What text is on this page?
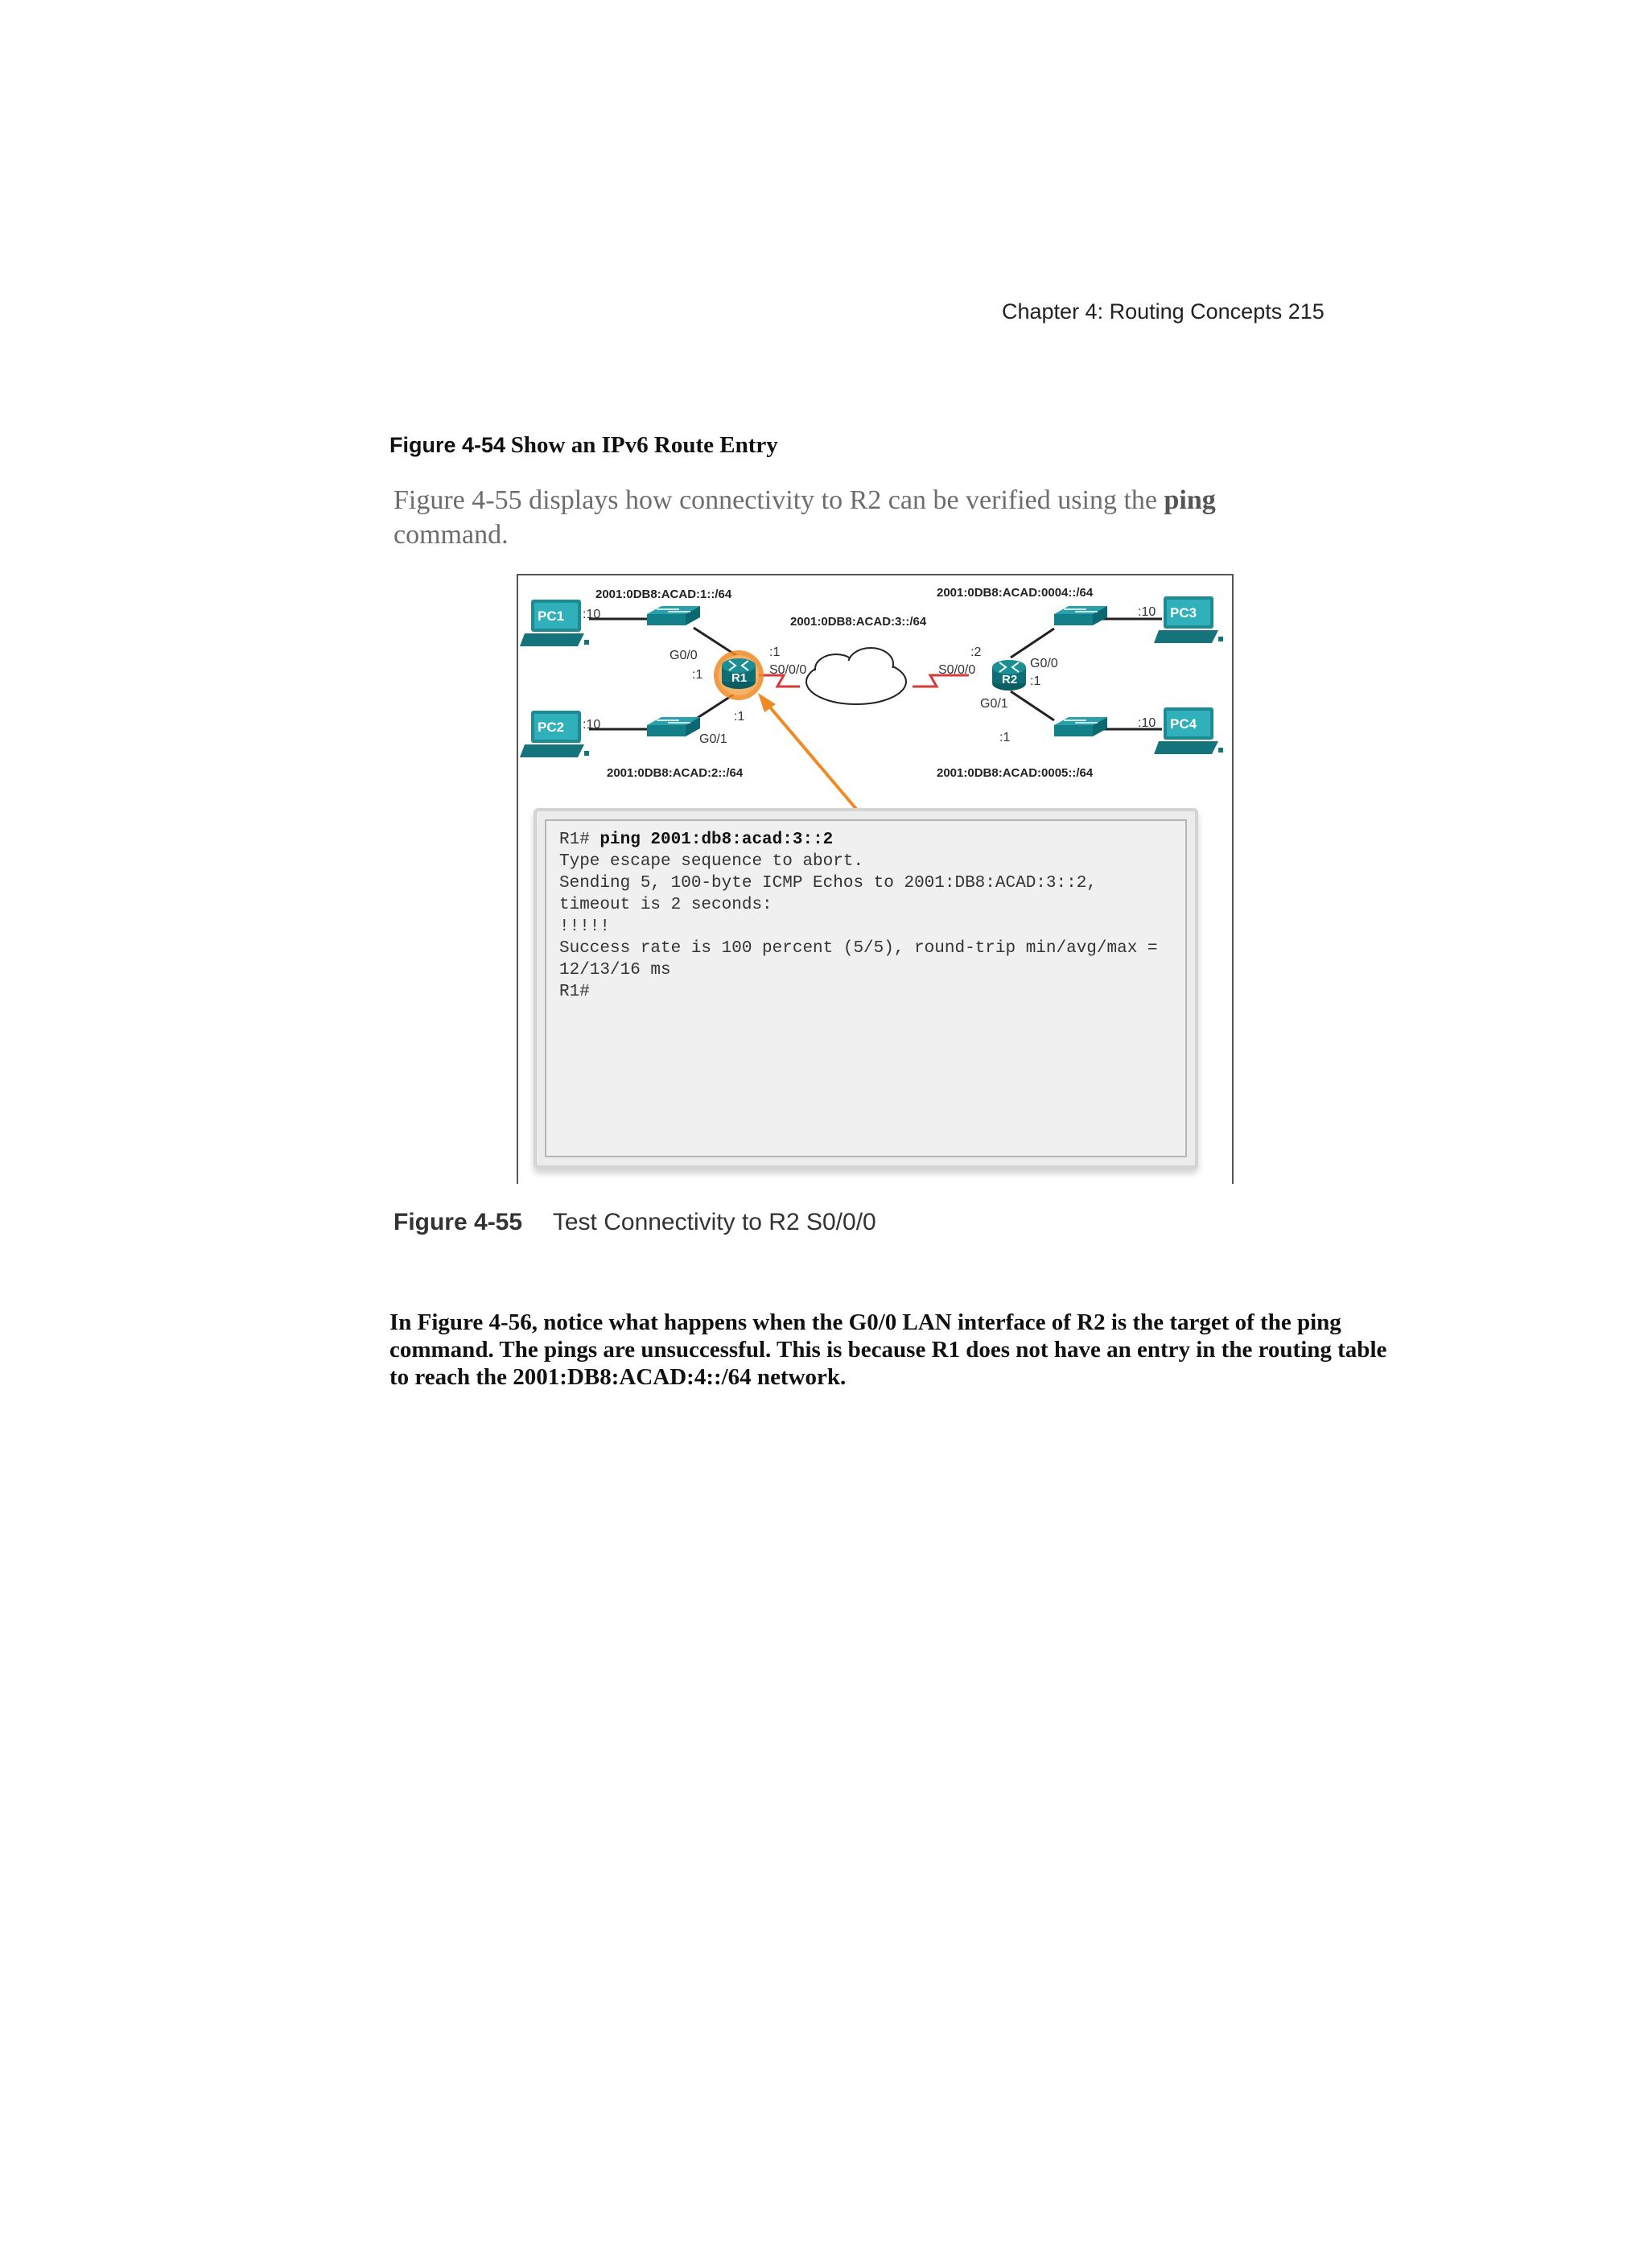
Chapter 4: Routing Concepts 215
Figure 4-54 Show an IPv6 Route Entry
Figure 4-55 displays how connectivity to R2 can be verified using the ping command.
PC1
PC2
PC3
PC4
R1	R2
2001:0DB8:ACAD:1::/64
2001:0DB8:ACAD:3::/64
2001:0DB8:ACAD:0004::/64
2001:0DB8:ACAD:2::/64	2001:0DB8:ACAD:0005::/64
:10
:10
:10
:10
G0/0
:1
:1
G0/1
:1
S0/0/0
:2
S0/0/0	G0/0
:1
G0/1
:1
R1# ping 2001:db8:acad:3::2
Type escape sequence to abort.
Sending 5, 100-byte ICMP Echos to 2001:DB8:ACAD:3::2,
timeout is 2 seconds:
!!!!!
Success rate is 100 percent (5/5), round-trip min/avg/max =
12/13/16 ms
R1#
Figure 4-55 Test Connectivity to R2 S0/0/0
In Figure 4-56, notice what happens when the G0/0 LAN interface of R2 is the target of the ping command. The pings are unsuccessful. This is because R1 does not have an entry in the routing table to reach the 2001:DB8:ACAD:4::/64 network.
